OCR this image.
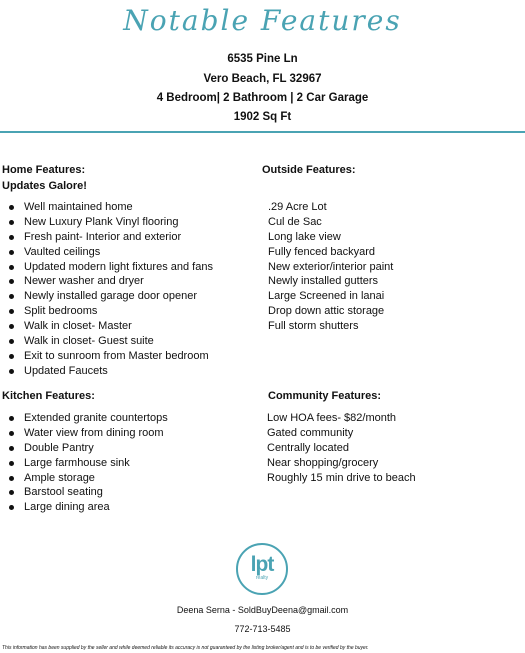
Notable Features
6535 Pine Ln
Vero Beach, FL 32967
4 Bedroom| 2 Bathroom | 2 Car Garage
1902 Sq Ft
Home Features:
Updates Galore!
Well maintained home
New Luxury Plank Vinyl flooring
Fresh paint- Interior and exterior
Vaulted ceilings
Updated modern light fixtures and fans
Newer washer and dryer
Newly installed garage door opener
Split bedrooms
Walk in closet- Master
Walk in closet- Guest suite
Exit to sunroom from Master bedroom
Updated Faucets
Outside Features:
.29 Acre Lot
Cul de Sac
Long lake view
Fully fenced backyard
New exterior/interior paint
Newly installed gutters
Large Screened in lanai
Drop down attic storage
Full storm shutters
Kitchen Features:
Extended granite countertops
Water view from dining room
Double Pantry
Large farmhouse sink
Ample storage
Barstool seating
Large dining area
Community Features:
Low HOA fees- $82/month
Gated community
Centrally located
Near shopping/grocery
Roughly 15 min drive to beach
lpt
realty
Deena Serna - SoldBuyDeena@gmail.com
772-713-5485
This information has been supplied by the seller and while deemed reliable its accuracy is not guaranteed by the listing broker/agent and is to be verified by the buyer.
